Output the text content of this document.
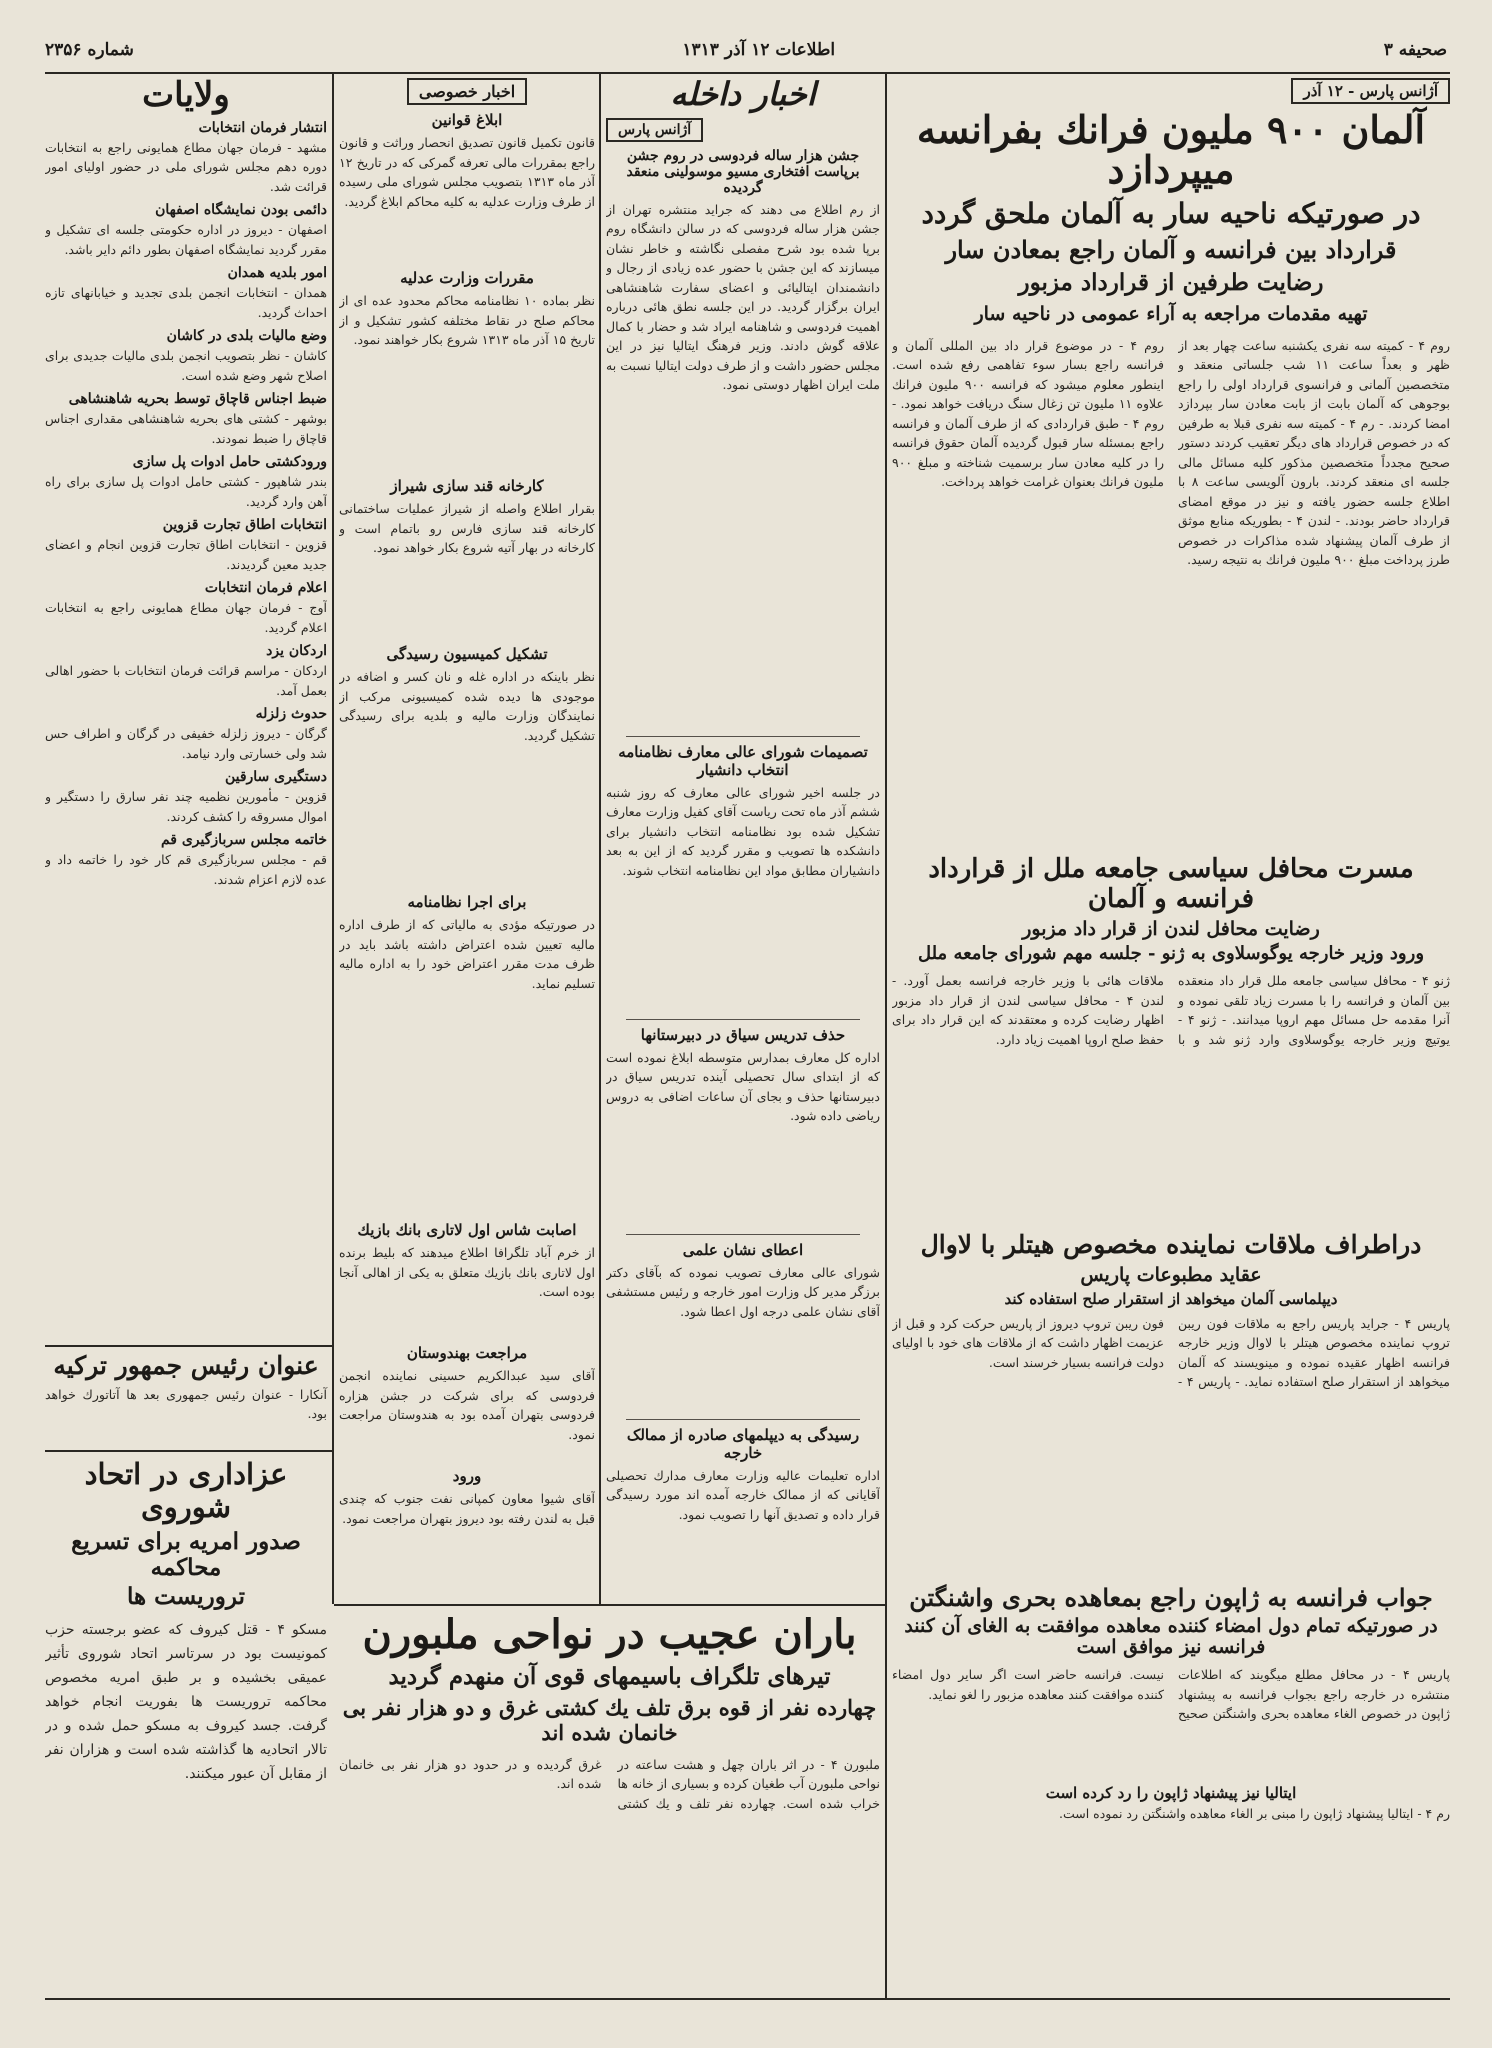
صحیفه ۳
اطلاعات ۱۲ آذر ۱۳۱۳
شماره ۲۳۵۶
آژانس پارس - ۱۲ آذر
آلمان ۹۰۰ ملیون فرانك بفرانسه میپردازد
در صورتیکه ناحیه سار به آلمان ملحق گردد
قرارداد بین فرانسه و آلمان راجع بمعادن سار
رضایت طرفین از قرارداد مزبور
تهیه مقدمات مراجعه به آراء عمومی در ناحیه سار
روم ۴ - کمیته سه نفری یکشنبه ساعت چهار بعد از ظهر و بعداً ساعت ۱۱ شب جلساتی منعقد و متخصصین آلمانی و فرانسوی قرارداد اولی را راجع بوجوهی که آلمان بابت از بابت معادن سار بپردازد امضا کردند. - رم ۴ - کمیته سه نفری قبلا به طرفین که در خصوص قرارداد های دیگر تعقیب کردند دستور صحیح مجدداً متخصصین مذکور کلیه مسائل مالی جلسه ای منعقد کردند. بارون آلویسی ساعت ۸ با اطلاع جلسه حضور یافته و نیز در موقع امضای قرارداد حاضر بودند. - لندن ۴ - بطوریکه منابع موثق از طرف آلمان پیشنهاد شده مذاکرات در خصوص طرز پرداخت مبلغ ۹۰۰ ملیون فرانك به نتیجه رسید.
روم ۴ - در موضوع قرار داد بین المللی آلمان و فرانسه راجع بسار سوء تفاهمی رفع شده است. اینطور معلوم میشود که فرانسه ۹۰۰ ملیون فرانك علاوه ۱۱ ملیون تن زغال سنگ دریافت خواهد نمود. - روم ۴ - طبق قراردادی که از طرف آلمان و فرانسه راجع بمسئله سار قبول گردیده آلمان حقوق فرانسه را در کلیه معادن سار برسمیت شناخته و مبلغ ۹۰۰ ملیون فرانك بعنوان غرامت خواهد پرداخت.
مسرت محافل سیاسی جامعه ملل از قرارداد فرانسه و آلمان
رضایت محافل لندن از قرار داد مزبور
ورود وزیر خارجه یوگوسلاوی به ژنو - جلسه مهم شورای جامعه ملل
ژنو ۴ - محافل سیاسی جامعه ملل قرار داد منعقده بین آلمان و فرانسه را با مسرت زیاد تلقی نموده و آنرا مقدمه حل مسائل مهم اروپا میدانند. - ژنو ۴ - یوتیچ وزیر خارجه یوگوسلاوی وارد ژنو شد و با ملاقات هائی با وزیر خارجه فرانسه بعمل آورد. - لندن ۴ - محافل سیاسی لندن از قرار داد مزبور اظهار رضایت کرده و معتقدند که این قرار داد برای حفظ صلح اروپا اهمیت زیاد دارد.
دراطراف ملاقات نماینده مخصوص هیتلر با لاوال
عقاید مطبوعات پاریس
دیپلماسی آلمان میخواهد از استقرار صلح استفاده کند
پاریس ۴ - جراید پاریس راجع به ملاقات فون ریبن تروپ نماینده مخصوص هیتلر با لاوال وزیر خارجه فرانسه اظهار عقیده نموده و مینویسند که آلمان میخواهد از استقرار صلح استفاده نماید. - پاریس ۴ - فون ریبن تروپ دیروز از پاریس حرکت کرد و قبل از عزیمت اظهار داشت که از ملاقات های خود با اولیای دولت فرانسه بسیار خرسند است.
جواب فرانسه به ژاپون راجع بمعاهده بحری واشنگتن
در صورتیکه تمام دول امضاء کننده معاهده موافقت به الغای آن کنند فرانسه نیز موافق است
پاریس ۴ - در محافل مطلع میگویند که اطلاعات منتشره در خارجه راجع بجواب فرانسه به پیشنهاد ژاپون در خصوص الغاء معاهده بحری واشنگتن صحیح نیست. فرانسه حاضر است اگر سایر دول امضاء کننده موافقت کنند معاهده مزبور را لغو نماید.
ایتالیا نیز پیشنهاد ژاپون را رد کرده است
رم ۴ - ایتالیا پیشنهاد ژاپون را مبنی بر الغاء معاهده واشنگتن رد نموده است.
اخبار داخله
آژانس پارس
جشن هزار ساله فردوسی در روم جشن برپاست افتخاری مسیو موسولینی منعقد گردیده
از رم اطلاع می دهند که جراید منتشره تهران از جشن هزار ساله فردوسی که در سالن دانشگاه روم برپا شده بود شرح مفصلی نگاشته و خاطر نشان میسازند که این جشن با حضور عده زیادی از رجال و دانشمندان ایتالیائی و اعضای سفارت شاهنشاهی ایران برگزار گردید. در این جلسه نطق هائی درباره اهمیت فردوسی و شاهنامه ایراد شد و حضار با کمال علاقه گوش دادند. وزیر فرهنگ ایتالیا نیز در این مجلس حضور داشت و از طرف دولت ایتالیا نسبت به ملت ایران اظهار دوستی نمود.
تصمیمات شورای عالی معارف نظامنامه انتخاب دانشیار
در جلسه اخیر شورای عالی معارف که روز شنبه ششم آذر ماه تحت ریاست آقای کفیل وزارت معارف تشکیل شده بود نظامنامه انتخاب دانشیار برای دانشکده ها تصویب و مقرر گردید که از این به بعد دانشیاران مطابق مواد این نظامنامه انتخاب شوند.
حذف تدریس سیاق در دبیرستانها
اداره کل معارف بمدارس متوسطه ابلاغ نموده است که از ابتدای سال تحصیلی آینده تدریس سیاق در دبیرستانها حذف و بجای آن ساعات اضافی به دروس ریاضی داده شود.
اعطای نشان علمی
شورای عالی معارف تصویب نموده که بآقای دکتر برزگر مدیر کل وزارت امور خارجه و رئیس مستشفی آقای نشان علمی درجه اول اعطا شود.
رسیدگی به دیپلمهای صادره از ممالک خارجه
اداره تعلیمات عالیه وزارت معارف مدارك تحصیلی آقایانی که از ممالک خارجه آمده اند مورد رسیدگی قرار داده و تصدیق آنها را تصویب نمود.
اخبار خصوصی
ابلاغ قوانین
قانون تکمیل قانون تصدیق انحصار وراثت و قانون راجع بمقررات مالی تعرفه گمرکی که در تاریخ ۱۲ آذر ماه ۱۳۱۳ بتصویب مجلس شورای ملی رسیده از طرف وزارت عدلیه به کلیه محاکم ابلاغ گردید.
مقررات وزارت عدلیه
نظر بماده ۱۰ نظامنامه محاکم محدود عده ای از محاکم صلح در نقاط مختلفه کشور تشکیل و از تاریخ ۱۵ آذر ماه ۱۳۱۳ شروع بکار خواهند نمود.
کارخانه قند سازی شیراز
بقرار اطلاع واصله از شیراز عملیات ساختمانی کارخانه قند سازی فارس رو باتمام است و کارخانه در بهار آتیه شروع بکار خواهد نمود.
تشکیل کمیسیون رسیدگی
نظر باینکه در اداره غله و نان کسر و اضافه در موجودی ها دیده شده کمیسیونی مرکب از نمایندگان وزارت مالیه و بلدیه برای رسیدگی تشکیل گردید.
برای اجرا نظامنامه
در صورتیکه مؤدی به مالیاتی که از طرف اداره مالیه تعیین شده اعتراض داشته باشد باید در ظرف مدت مقرر اعتراض خود را به اداره مالیه تسلیم نماید.
اصابت شاس اول لاتاری بانك بازیك
از خرم آباد تلگرافا اطلاع میدهند که بلیط برنده اول لاتاری بانك بازیك متعلق به یکی از اهالی آنجا بوده است.
مراجعت بهندوستان
آقای سید عبدالکریم حسینی نماینده انجمن فردوسی که برای شرکت در جشن هزاره فردوسی بتهران آمده بود به هندوستان مراجعت نمود.
ورود
آقای شیوا معاون کمپانی نفت جنوب که چندی قبل به لندن رفته بود دیروز بتهران مراجعت نمود.
ولایات
انتشار فرمان انتخابات
مشهد - فرمان جهان مطاع همایونی راجع به انتخابات دوره دهم مجلس شورای ملی در حضور اولیای امور قرائت شد.
دائمی بودن نمایشگاه اصفهان
اصفهان - دیروز در اداره حکومتی جلسه ای تشکیل و مقرر گردید نمایشگاه اصفهان بطور دائم دایر باشد.
امور بلدیه همدان
همدان - انتخابات انجمن بلدی تجدید و خیابانهای تازه احداث گردید.
وضع مالیات بلدی در کاشان
کاشان - نظر بتصویب انجمن بلدی مالیات جدیدی برای اصلاح شهر وضع شده است.
ضبط اجناس قاچاق توسط بحریه شاهنشاهی
بوشهر - کشتی های بحریه شاهنشاهی مقداری اجناس قاچاق را ضبط نمودند.
ورودکشتی حامل ادوات پل سازی
بندر شاهپور - کشتی حامل ادوات پل سازی برای راه آهن وارد گردید.
انتخابات اطاق تجارت قزوین
قزوین - انتخابات اطاق تجارت قزوین انجام و اعضای جدید معین گردیدند.
اعلام فرمان انتخابات
آوج - فرمان جهان مطاع همایونی راجع به انتخابات اعلام گردید.
اردکان یزد
اردکان - مراسم قرائت فرمان انتخابات با حضور اهالی بعمل آمد.
حدوث زلزله
گرگان - دیروز زلزله خفیفی در گرگان و اطراف حس شد ولی خسارتی وارد نیامد.
دستگیری سارقین
قزوین - مأمورین نظمیه چند نفر سارق را دستگیر و اموال مسروقه را کشف کردند.
خاتمه مجلس سربازگیری قم
قم - مجلس سربازگیری قم کار خود را خاتمه داد و عده لازم اعزام شدند.
عنوان رئیس جمهور ترکیه
آنکارا - عنوان رئیس جمهوری بعد ها آتاتورك خواهد بود.
عزاداری در اتحاد شوروی
صدور امریه برای تسریع محاکمه
تروریست ها
مسکو ۴ - قتل کیروف که عضو برجسته حزب کمونیست بود در سرتاسر اتحاد شوروی تأثیر عمیقی بخشیده و بر طبق امریه مخصوص محاکمه تروریست ها بفوریت انجام خواهد گرفت. جسد کیروف به مسکو حمل شده و در تالار اتحادیه ها گذاشته شده است و هزاران نفر از مقابل آن عبور میکنند.
باران عجیب در نواحی ملبورن
تیرهای تلگراف باسیمهای قوی آن منهدم گردید
چهارده نفر از قوه برق تلف یك کشتی غرق و دو هزار نفر بی خانمان شده اند
ملبورن ۴ - در اثر باران چهل و هشت ساعته در نواحی ملبورن آب طغیان کرده و بسیاری از خانه ها خراب شده است. چهارده نفر تلف و یك کشتی غرق گردیده و در حدود دو هزار نفر بی خانمان شده اند.
